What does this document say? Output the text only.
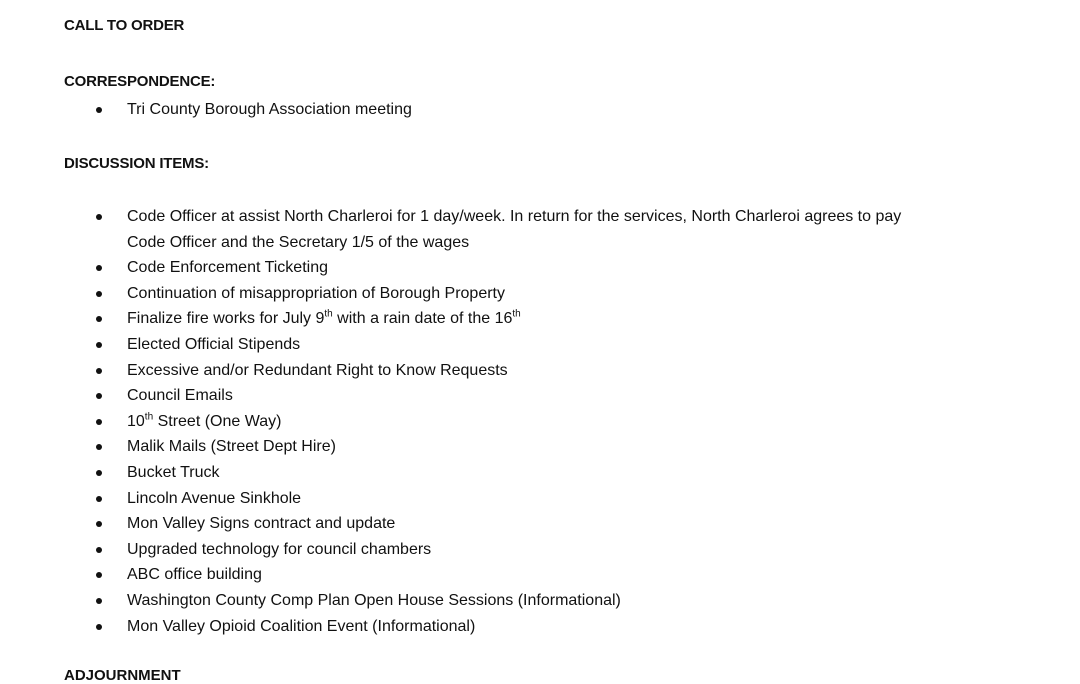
CALL TO ORDER
CORRESPONDENCE:
Tri County Borough Association meeting
DISCUSSION ITEMS:
Code Officer at assist North Charleroi for 1 day/week. In return for the services, North Charleroi agrees to pay
Code Officer and the Secretary 1/5 of the wages
Code Enforcement Ticketing
Continuation of misappropriation of Borough Property
Finalize fire works for July 9th with a rain date of the 16th
Elected Official Stipends
Excessive and/or Redundant Right to Know Requests
Council Emails
10th Street (One Way)
Malik Mails (Street Dept Hire)
Bucket Truck
Lincoln Avenue Sinkhole
Mon Valley Signs contract and update
Upgraded technology for council chambers
ABC office building
Washington County Comp Plan Open House Sessions (Informational)
Mon Valley Opioid Coalition Event (Informational)
ADJOURNMENT
